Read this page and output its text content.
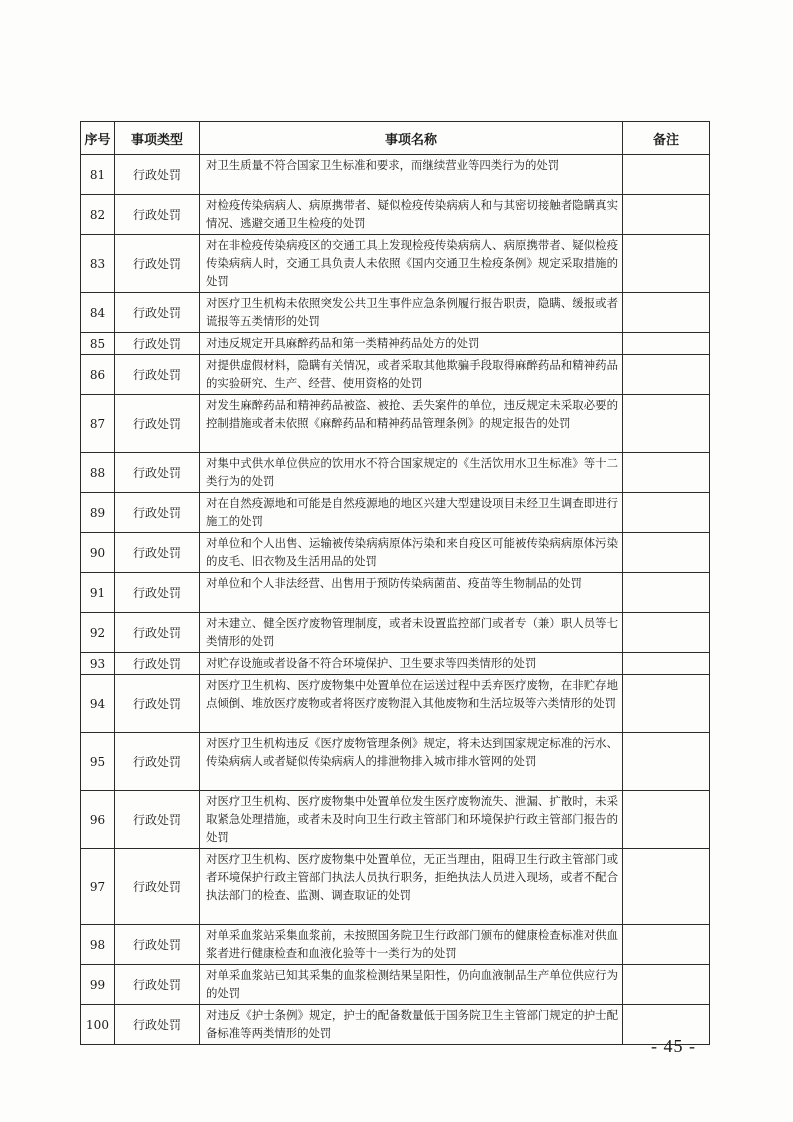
序号	事项类型	事项名称	备注
81	行政处罚	对卫生质量不符合国家卫生标准和要求，而继续营业等四类行为的处罚	
82	行政处罚	对检疫传染病病人、病原携带者、疑似检疫传染病病人和与其密切接触者隐瞒真实情况、逃避交通卫生检疫的处罚	
83	行政处罚	对在非检疫传染病疫区的交通工具上发现检疫传染病病人、病原携带者、疑似检疫传染病病人时，交通工具负责人未依照《国内交通卫生检疫条例》规定采取措施的处罚	
84	行政处罚	对医疗卫生机构未依照突发公共卫生事件应急条例履行报告职责，隐瞒、缓报或者谎报等五类情形的处罚	
85	行政处罚	对违反规定开具麻醉药品和第一类精神药品处方的处罚	
86	行政处罚	对提供虚假材料，隐瞒有关情况，或者采取其他欺骗手段取得麻醉药品和精神药品的实验研究、生产、经营、使用资格的处罚	
87	行政处罚	对发生麻醉药品和精神药品被盗、被抢、丢失案件的单位，违反规定未采取必要的控制措施或者未依照《麻醉药品和精神药品管理条例》的规定报告的处罚	
88	行政处罚	对集中式供水单位供应的饮用水不符合国家规定的《生活饮用水卫生标准》等十二类行为的处罚	
89	行政处罚	对在自然疫源地和可能是自然疫源地的地区兴建大型建设项目未经卫生调查即进行施工的处罚	
90	行政处罚	对单位和个人出售、运输被传染病病原体污染和来自疫区可能被传染病病原体污染的皮毛、旧衣物及生活用品的处罚	
91	行政处罚	对单位和个人非法经营、出售用于预防传染病菌苗、疫苗等生物制品的处罚	
92	行政处罚	对未建立、健全医疗废物管理制度，或者未设置监控部门或者专（兼）职人员等七类情形的处罚	
93	行政处罚	对贮存设施或者设备不符合环境保护、卫生要求等四类情形的处罚	
94	行政处罚	对医疗卫生机构、医疗废物集中处置单位在运送过程中丢弃医疗废物，在非贮存地点倾倒、堆放医疗废物或者将医疗废物混入其他废物和生活垃圾等六类情形的处罚	
95	行政处罚	对医疗卫生机构违反《医疗废物管理条例》规定，将未达到国家规定标准的污水、传染病病人或者疑似传染病病人的排泄物排入城市排水管网的处罚	
96	行政处罚	对医疗卫生机构、医疗废物集中处置单位发生医疗废物流失、泄漏、扩散时，未采取紧急处理措施，或者未及时向卫生行政主管部门和环境保护行政主管部门报告的处罚	
97	行政处罚	对医疗卫生机构、医疗废物集中处置单位，无正当理由，阻碍卫生行政主管部门或者环境保护行政主管部门执法人员执行职务，拒绝执法人员进入现场，或者不配合执法部门的检查、监测、调查取证的处罚	
98	行政处罚	对单采血浆站采集血浆前，未按照国务院卫生行政部门颁布的健康检查标准对供血浆者进行健康检查和血液化验等十一类行为的处罚	
99	行政处罚	对单采血浆站已知其采集的血浆检测结果呈阳性，仍向血液制品生产单位供应行为的处罚	
100	行政处罚	对违反《护士条例》规定，护士的配备数量低于国务院卫生主管部门规定的护士配备标准等两类情形的处罚	
- 45 -
